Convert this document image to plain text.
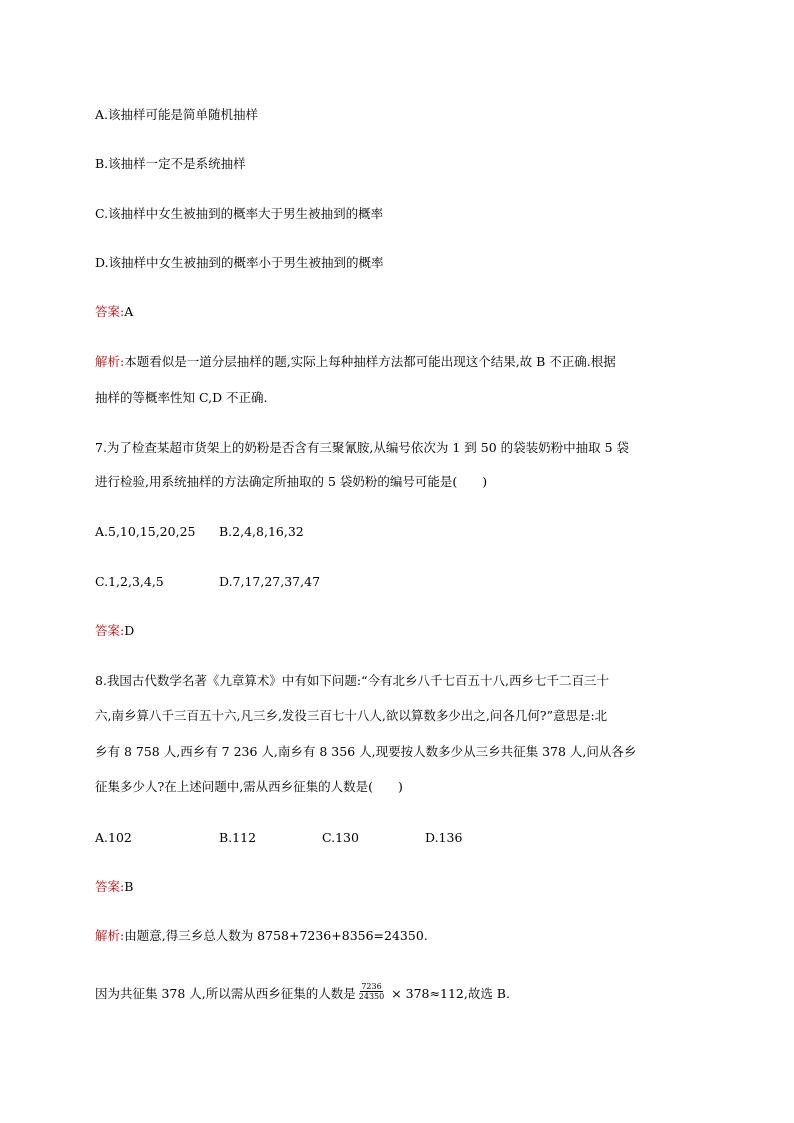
A.该抽样可能是简单随机抽样
B.该抽样一定不是系统抽样
C.该抽样中女生被抽到的概率大于男生被抽到的概率
D.该抽样中女生被抽到的概率小于男生被抽到的概率
答案:A
解析:本题看似是一道分层抽样的题,实际上每种抽样方法都可能出现这个结果,故 B 不正确.根据
抽样的等概率性知 C,D 不正确.
7.为了检查某超市货架上的奶粉是否含有三聚氰胺,从编号依次为 1 到 50 的袋装奶粉中抽取 5 袋
进行检验,用系统抽样的方法确定所抽取的 5 袋奶粉的编号可能是(　　)
A.5,10,15,20,25 B.2,4,8,16,32
C.1,2,3,4,5	D.7,17,27,37,47
答案:D
8.我国古代数学名著《九章算术》中有如下问题:“今有北乡八千七百五十八,西乡七千二百三十
六,南乡算八千三百五十六,凡三乡,发役三百七十八人,欲以算数多少出之,问各几何?”意思是:北
乡有 8 758 人,西乡有 7 236 人,南乡有 8 356 人,现要按人数多少从三乡共征集 378 人,问从各乡
征集多少人?在上述问题中,需从西乡征集的人数是(　　)
A.102	B.112	C.130	D.136
答案:B
解析:由题意,得三乡总人数为 8758+7236+8356=24350.
因为共征集 378 人,所以需从西乡征集的人数是 $\frac{7236}{24350} \times 378\approx 112$,故选 B.
